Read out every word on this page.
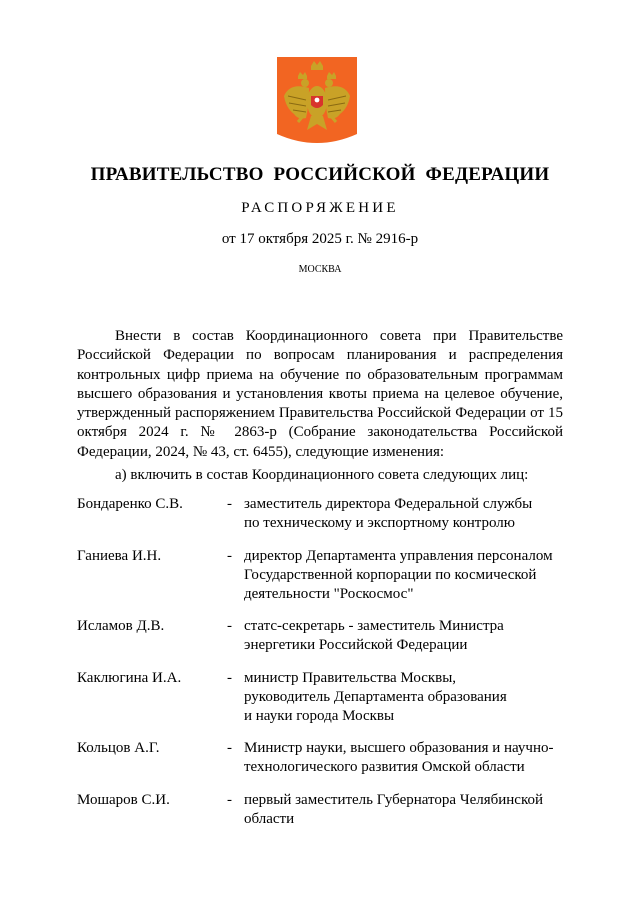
ПРАВИТЕЛЬСТВО РОССИЙСКОЙ ФЕДЕРАЦИИ
РАСПОРЯЖЕНИЕ
от 17 октября 2025 г. № 2916-р
МОСКВА
Внести в состав Координационного совета при Правительстве Российской Федерации по вопросам планирования и распределения контрольных цифр приема на обучение по образовательным программам высшего образования и установления квоты приема на целевое обучение, утвержденный распоряжением Правительства Российской Федерации от 15 октября 2024 г. № 2863-р (Собрание законодательства Российской Федерации, 2024, № 43, ст. 6455), следующие изменения:
а) включить в состав Координационного совета следующих лиц:
Бондаренко С.В.	- заместитель директора Федеральной службы
по техническому и экспортному контролю
Ганиева И.Н.	- директор Департамента управления персоналом
Государственной корпорации по космической
деятельности "Роскосмос"
Исламов Д.В.	- статс-секретарь - заместитель Министра
энергетики Российской Федерации
Каклюгина И.А.	- министр Правительства Москвы,
руководитель Департамента образования
и науки города Москвы
Кольцов А.Г.	- Министр науки, высшего образования и научно-
технологического развития Омской области
Мошаров С.И.	- первый заместитель Губернатора Челябинской
области
